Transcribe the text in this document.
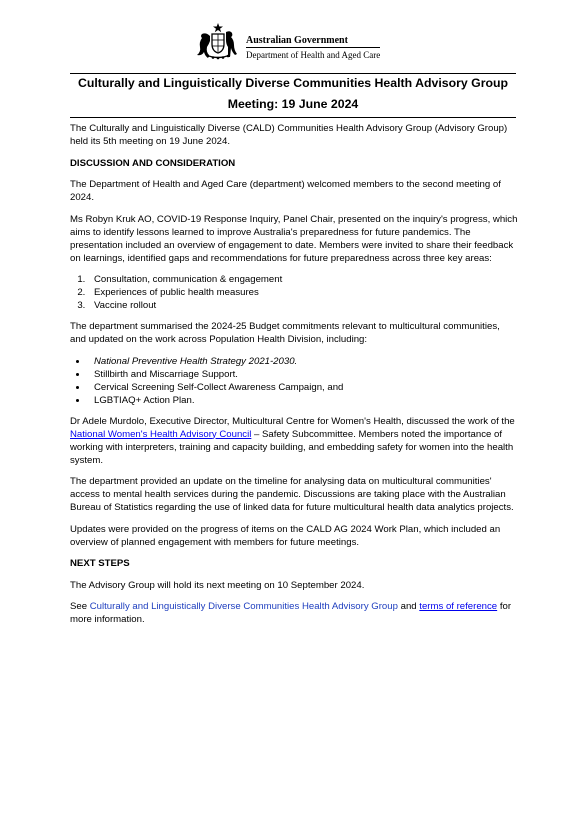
Australian Government
Department of Health and Aged Care
Culturally and Linguistically Diverse Communities Health Advisory Group
Meeting: 19 June 2024

The Culturally and Linguistically Diverse (CALD) Communities Health Advisory Group (Advisory Group) held its 5th meeting on 19 June 2024.

DISCUSSION AND CONSIDERATION

The Department of Health and Aged Care (department) welcomed members to the second meeting of 2024.

Ms Robyn Kruk AO, COVID-19 Response Inquiry, Panel Chair, presented on the inquiry's progress, which aims to identify lessons learned to improve Australia's preparedness for future pandemics. The presentation included an overview of engagement to date. Members were invited to share their feedback on learnings, identified gaps and recommendations for future preparedness across three key areas:

1. Consultation, communication & engagement
2. Experiences of public health measures
3. Vaccine rollout

The department summarised the 2024-25 Budget commitments relevant to multicultural communities, and updated on the work across Population Health Division, including:

• National Preventive Health Strategy 2021-2030.
• Stillbirth and Miscarriage Support.
• Cervical Screening Self-Collect Awareness Campaign, and
• LGBTIAQ+ Action Plan.

Dr Adele Murdolo, Executive Director, Multicultural Centre for Women's Health, discussed the work of the National Women's Health Advisory Council – Safety Subcommittee. Members noted the importance of working with interpreters, training and capacity building, and embedding safety for women into the health system.

The department provided an update on the timeline for analysing data on multicultural communities' access to mental health services during the pandemic. Discussions are taking place with the Australian Bureau of Statistics regarding the use of linked data for future multicultural health data analytics projects.

Updates were provided on the progress of items on the CALD AG 2024 Work Plan, which included an overview of planned engagement with members for future meetings.

NEXT STEPS

The Advisory Group will hold its next meeting on 10 September 2024.

See Culturally and Linguistically Diverse Communities Health Advisory Group and terms of reference for more information.
